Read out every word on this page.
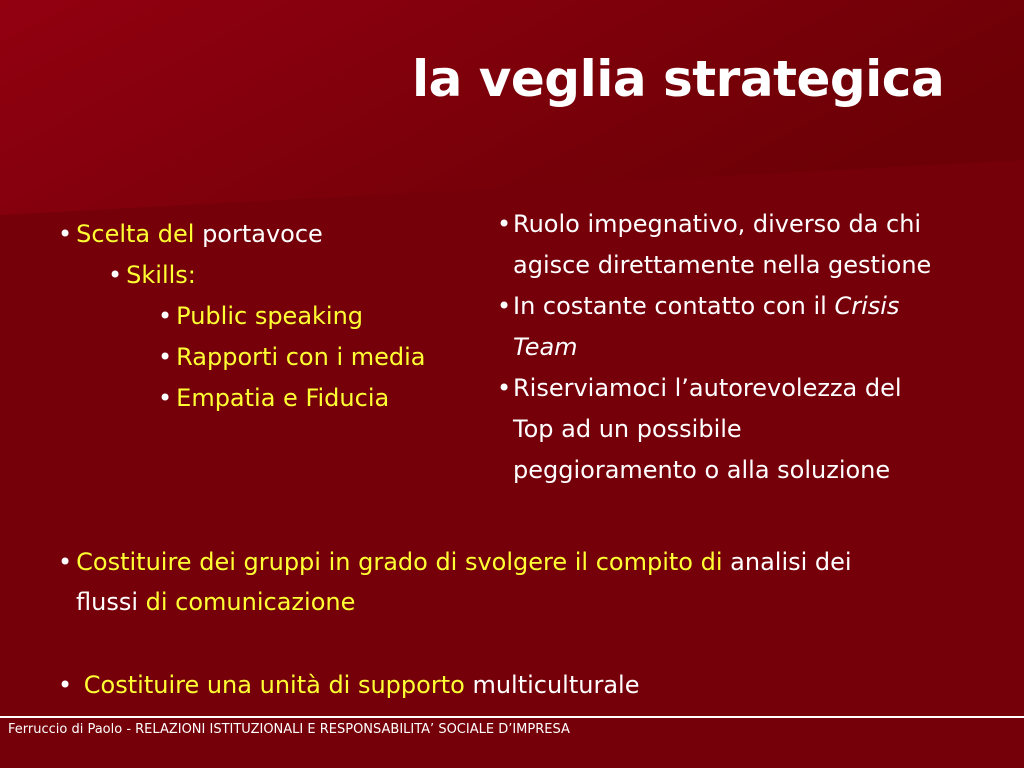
la veglia strategica
• Scelta del portavoce
• Skills:
• Public speaking
• Rapporti con i media
• Empatia e Fiducia
• Ruolo impegnativo, diverso da chi
agisce direttamente nella gestione
• In costante contatto con il Crisis
Team
• Riserviamoci l’autorevolezza del
Top ad un possibile
peggioramento o alla soluzione
• Costituire dei gruppi in grado di svolgere il compito di analisi dei
flussi di comunicazione
• Costituire una unità di supporto multiculturale
Ferruccio di Paolo - RELAZIONI ISTITUZIONALI E RESPONSABILITA’ SOCIALE D’IMPRESA
